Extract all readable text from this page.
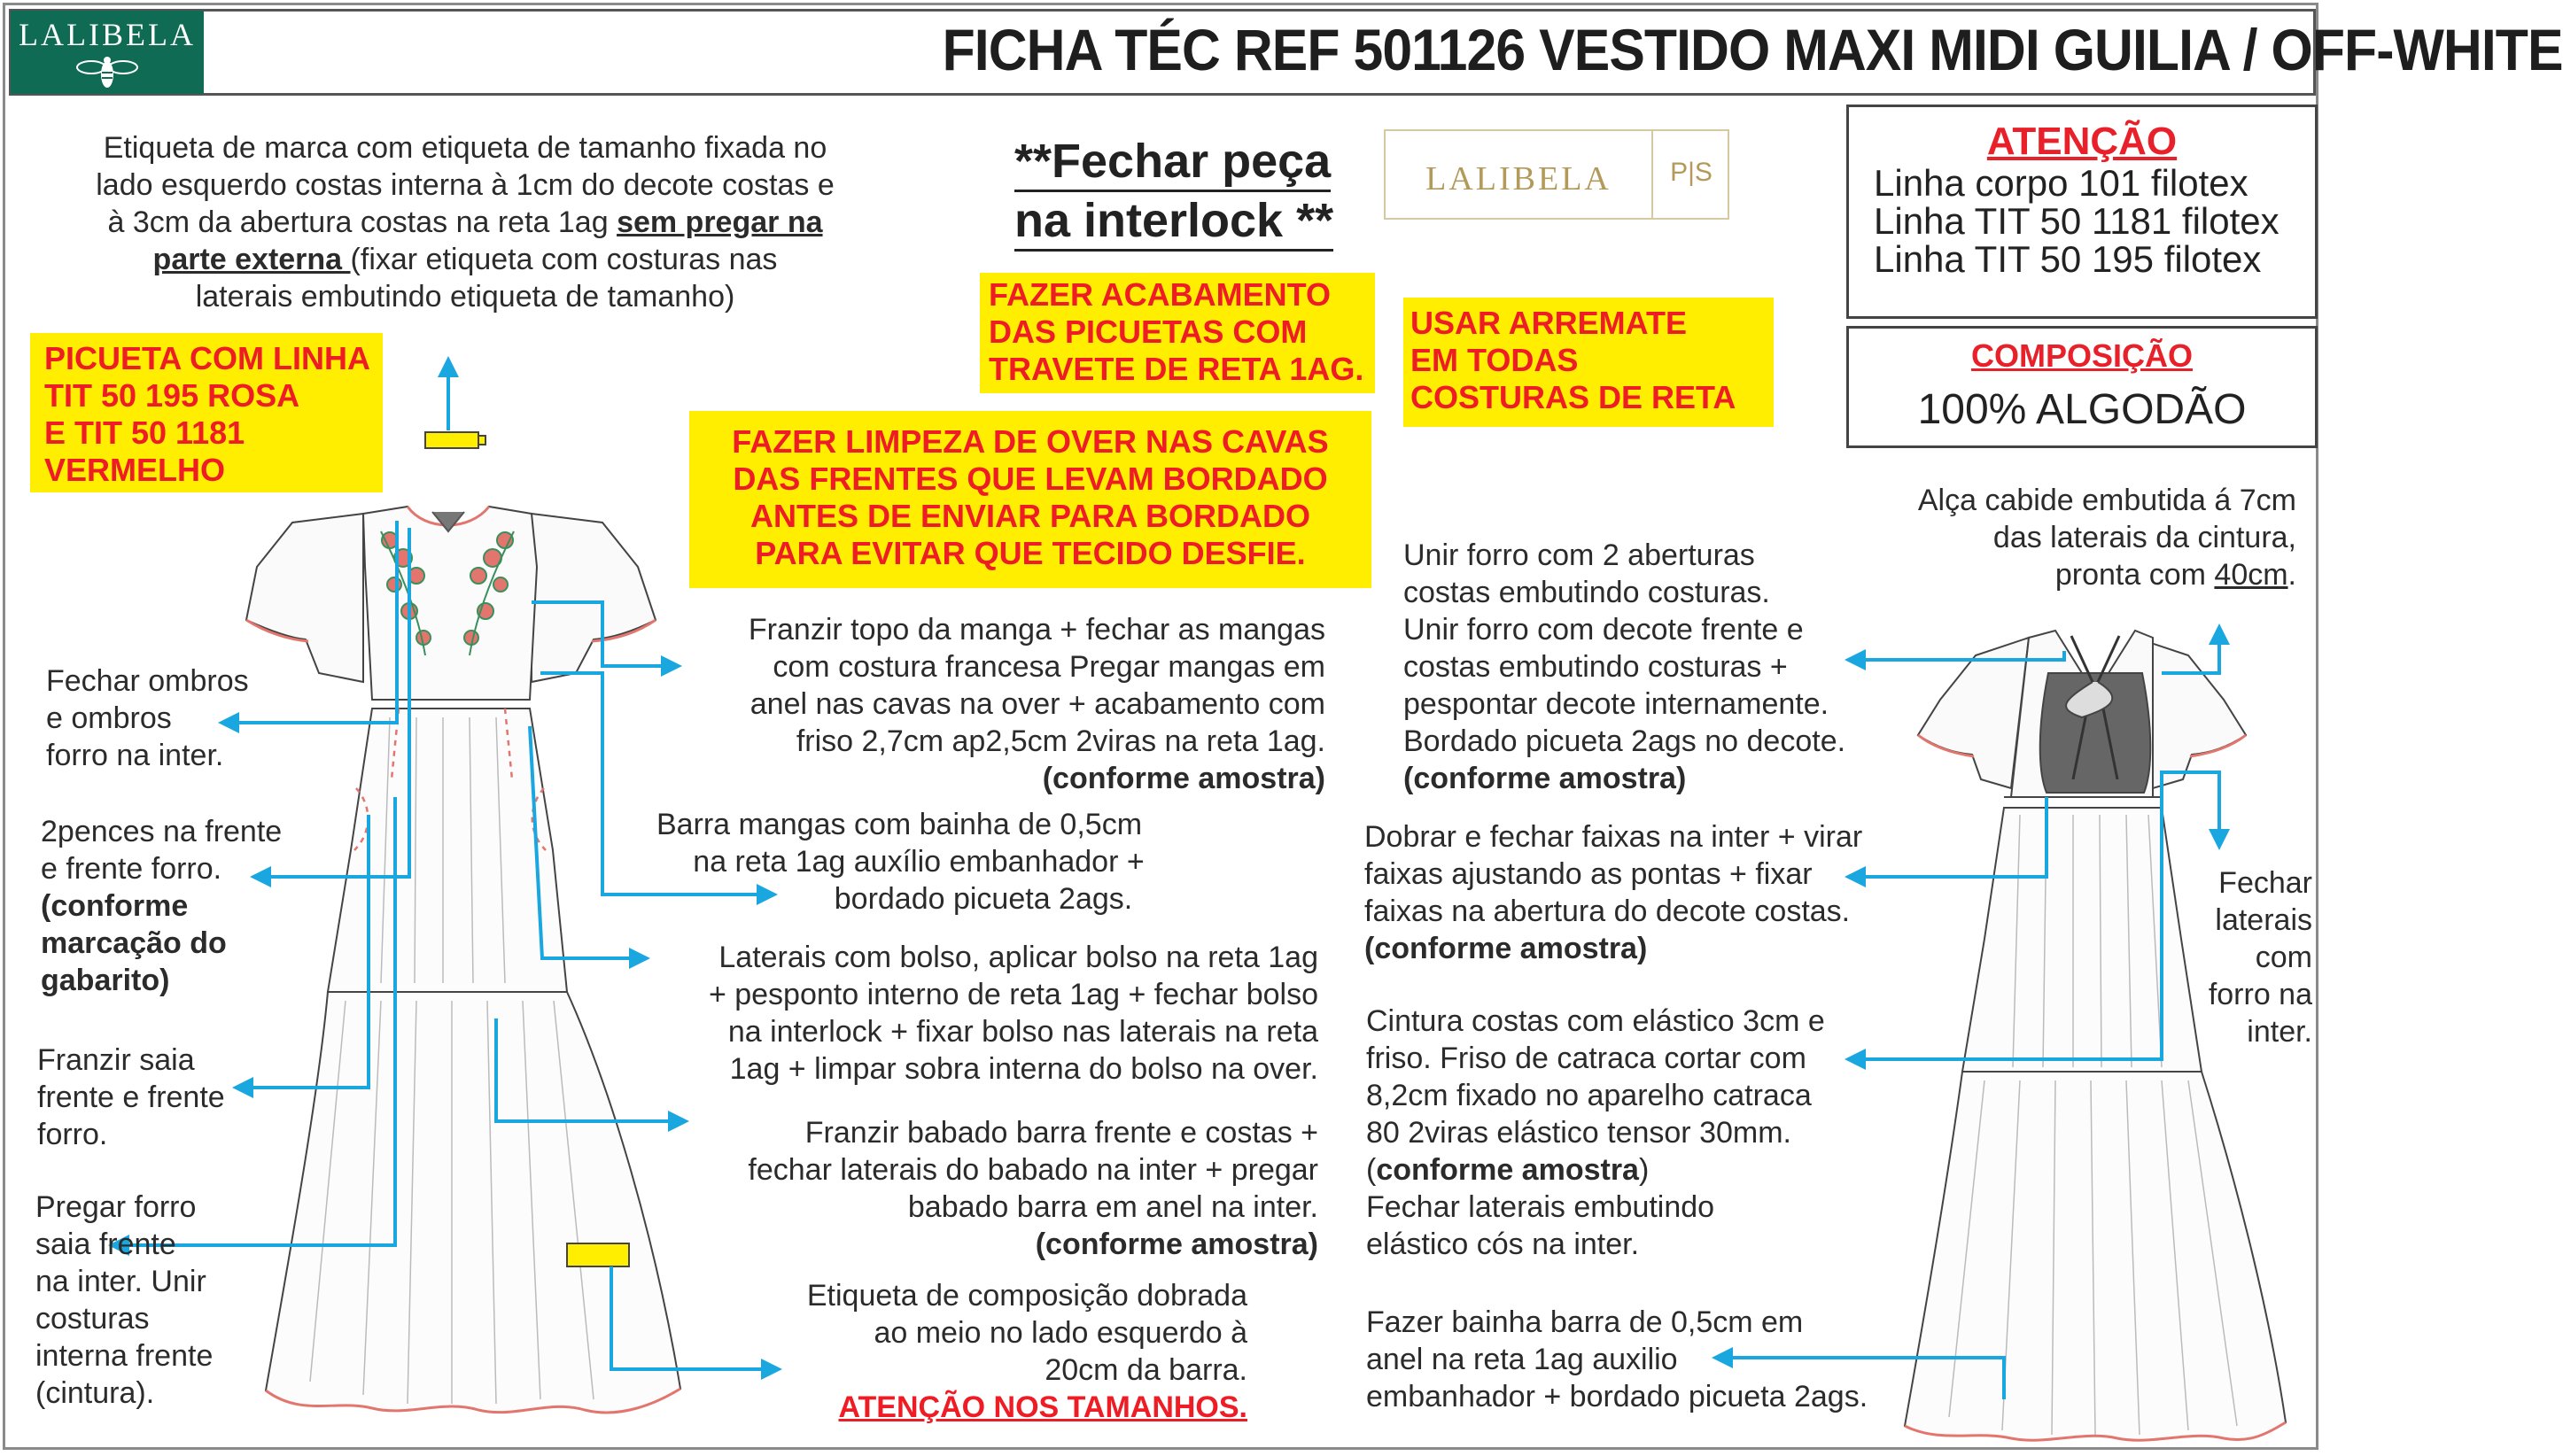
LALIBELA	FICHA TÉC REF 501126 VESTIDO MAXI MIDI GUILIA / OFF-WHITE
Etiqueta de marca com etiqueta de tamanho fixada no
lado esquerdo costas interna à 1cm do decote costas e
à 3cm da abertura costas na reta 1ag sem pregar na
parte externa (fixar etiqueta com costuras nas
laterais embutindo etiqueta de tamanho)
**Fechar peça
na interlock **
LALIBELA	P|S
ATENÇÃO
Linha corpo 101 filotex
Linha TIT 50 1181 filotex
Linha TIT 50 195 filotex
COMPOSIÇÃO
100% ALGODÃO
PICUETA COM LINHA
TIT 50 195 ROSA
E TIT 50 1181
VERMELHO
FAZER ACABAMENTO
DAS PICUETAS COM
TRAVETE DE RETA 1AG.
USAR ARREMATE
EM TODAS
COSTURAS DE RETA
FAZER LIMPEZA DE OVER NAS CAVAS
DAS FRENTES QUE LEVAM BORDADO
ANTES DE ENVIAR PARA BORDADO
PARA EVITAR QUE TECIDO DESFIE.
Fechar ombros
e ombros
forro na inter.
2pences na frente
e frente forro.
(conforme
marcação do
gabarito)
Franzir saia
frente e frente
forro.
Pregar forro
saia frente
na inter. Unir
costuras
interna frente
(cintura).
Franzir topo da manga + fechar as mangas
com costura francesa Pregar mangas em
anel nas cavas na over + acabamento com
friso 2,7cm ap2,5cm 2viras na reta 1ag.
(conforme amostra)
Barra mangas com bainha de 0,5cm
na reta 1ag auxílio embanhador +
bordado picueta 2ags.
Laterais com bolso, aplicar bolso na reta 1ag
+ pesponto interno de reta 1ag + fechar bolso
na interlock + fixar bolso nas laterais na reta
1ag + limpar sobra interna do bolso na over.
Franzir babado barra frente e costas +
fechar laterais do babado na inter + pregar
babado barra em anel na inter.
(conforme amostra)
Etiqueta de composição dobrada
ao meio no lado esquerdo à
20cm da barra.
ATENÇÃO NOS TAMANHOS.
Alça cabide embutida á 7cm
das laterais da cintura,
pronta com 40cm.
Unir forro com 2 aberturas
costas embutindo costuras.
Unir forro com decote frente e
costas embutindo costuras +
pespontar decote internamente.
Bordado picueta 2ags no decote.
(conforme amostra)
Dobrar e fechar faixas na inter + virar
faixas ajustando as pontas + fixar
faixas na abertura do decote costas.
(conforme amostra)
Cintura costas com elástico 3cm e
friso. Friso de catraca cortar com
8,2cm fixado no aparelho catraca
80 2viras elástico tensor 30mm.
(conforme amostra)
Fechar laterais embutindo
elástico cós na inter.
Fazer bainha barra de 0,5cm em
anel na reta 1ag auxilio
embanhador + bordado picueta 2ags.
Fechar
laterais
com
forro na
inter.
